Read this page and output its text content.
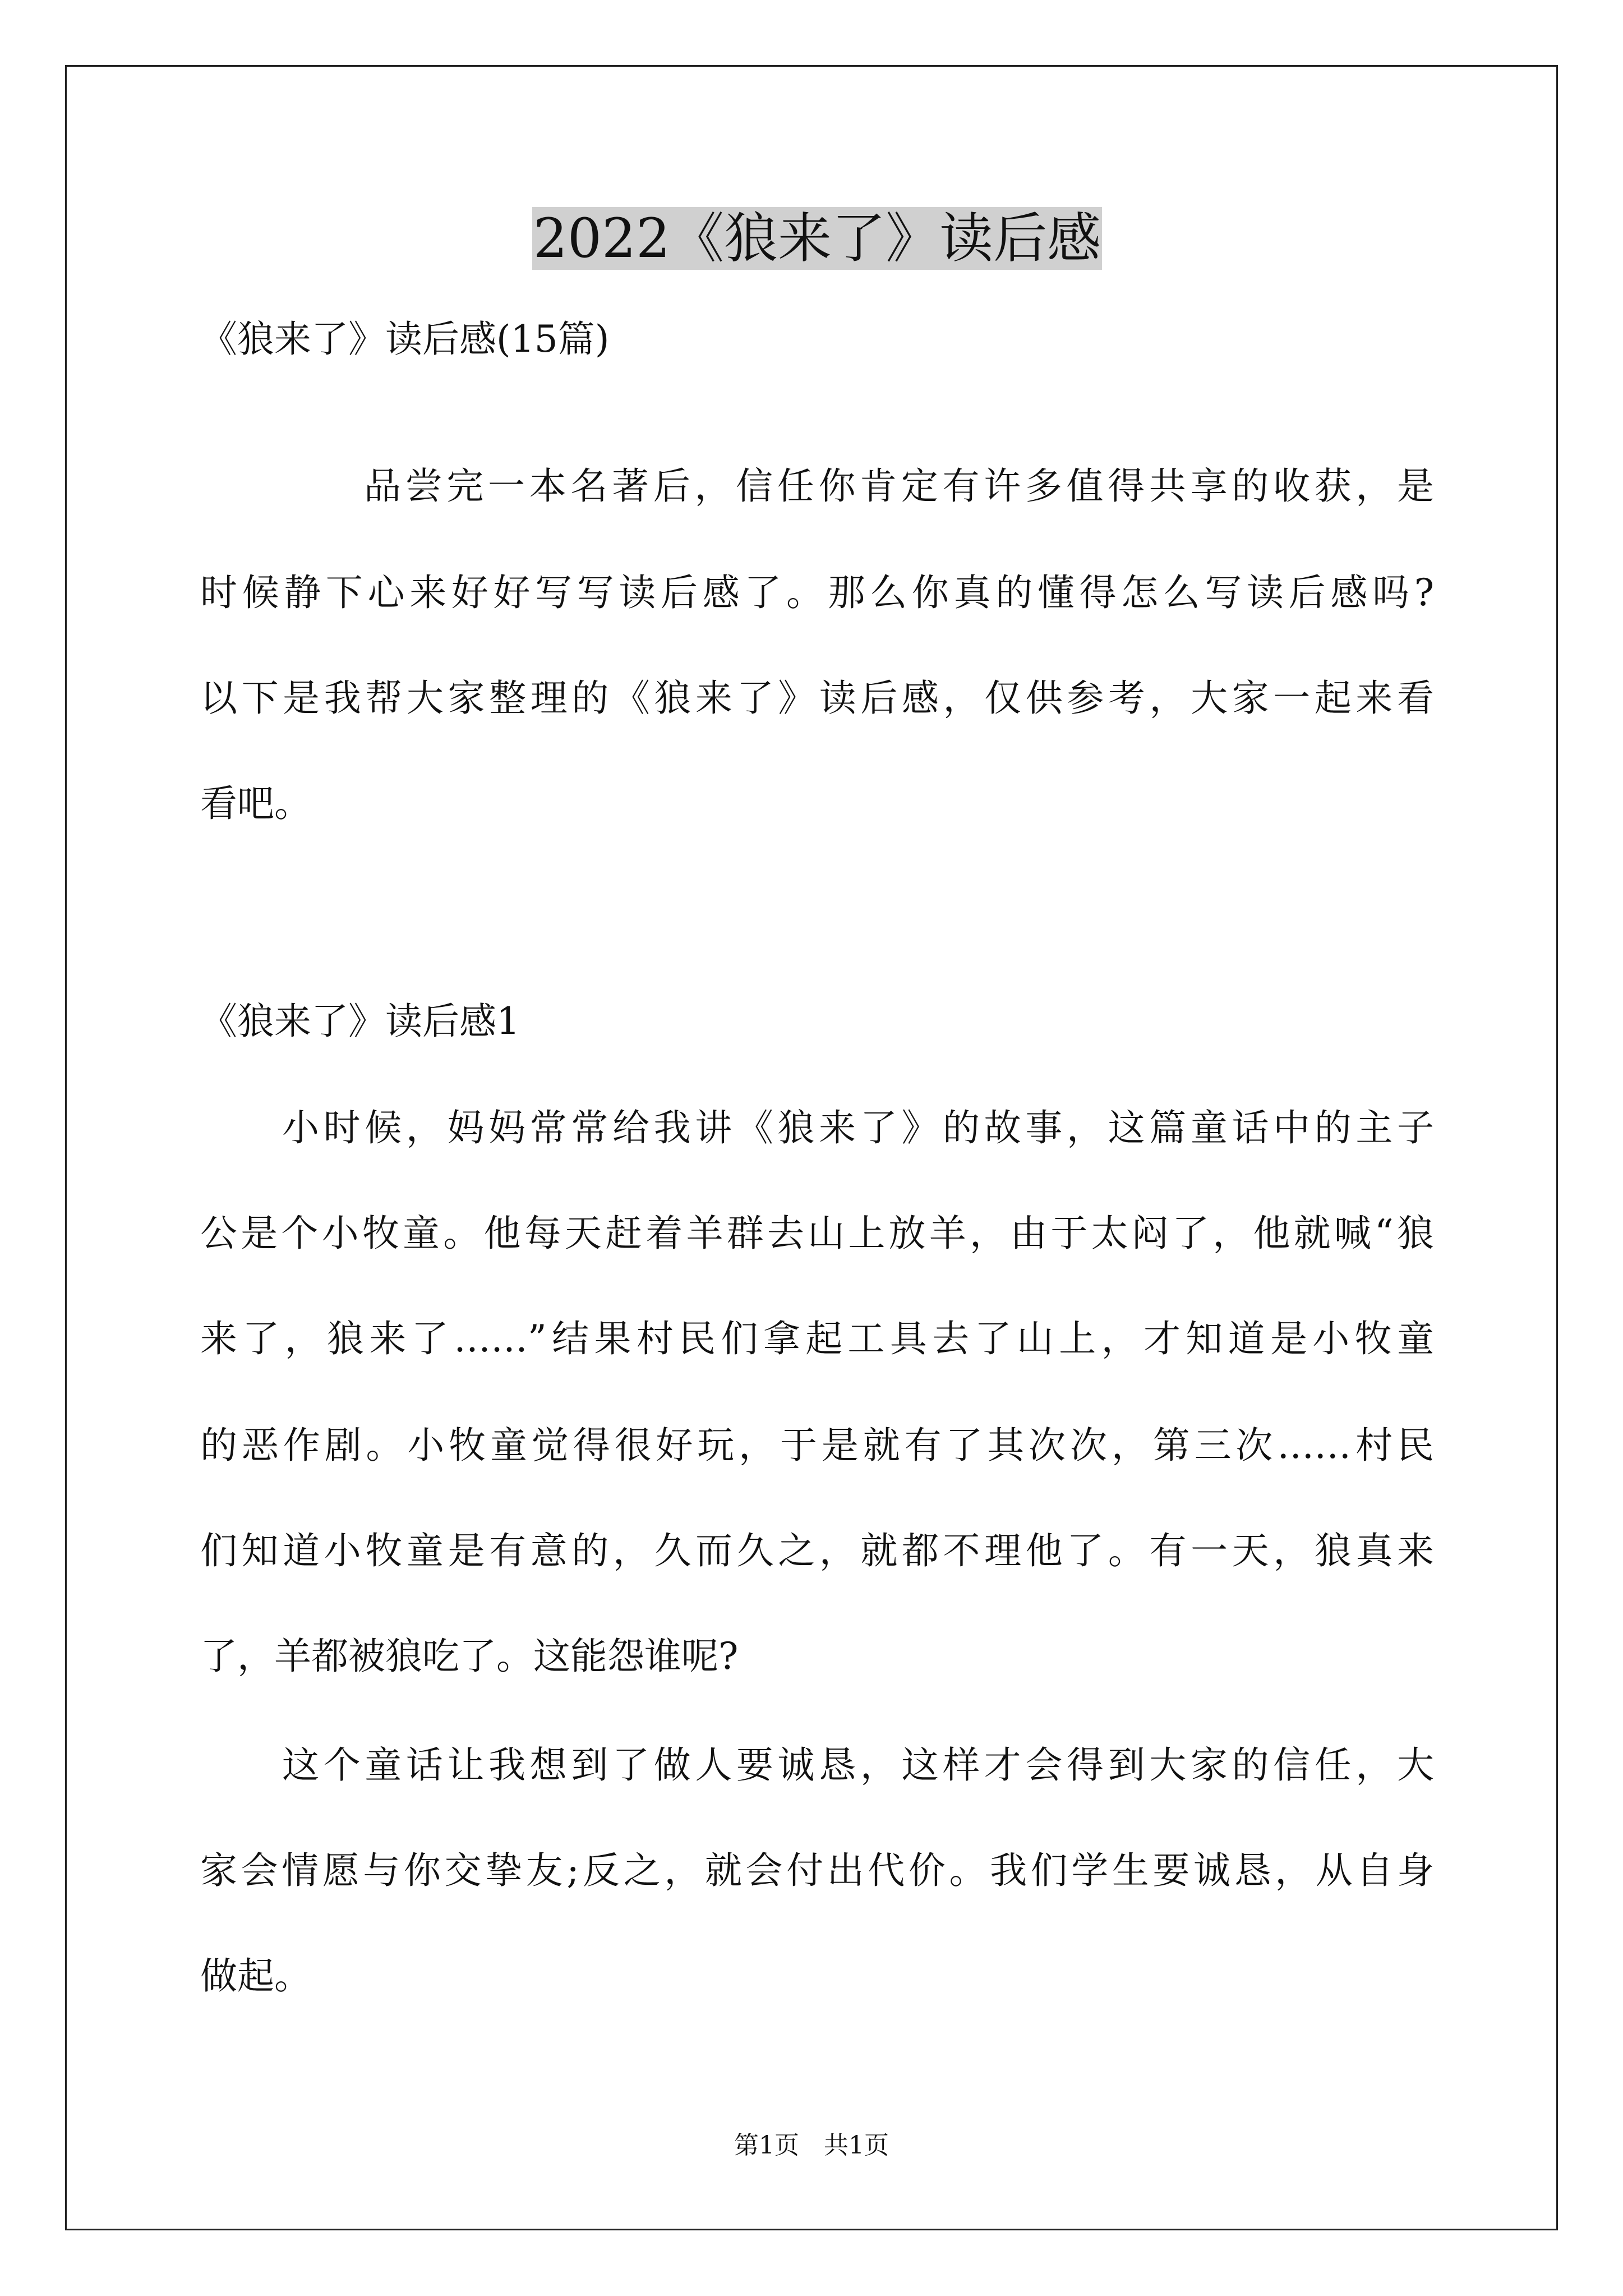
2022《狼来了》读后感

《狼来了》读后感(15篇)

品尝完一本名著后，信任你肯定有许多值得共享的收获，是

时候静下心来好好写写读后感了。那么你真的懂得怎么写读后感吗?

以下是我帮大家整理的《狼来了》读后感，仅供参考，大家一起来看

看吧。

《狼来了》读后感1

小时候，妈妈常常给我讲《狼来了》的故事，这篇童话中的主子

公是个小牧童。他每天赶着羊群去山上放羊，由于太闷了，他就喊“狼

来了，狼来了……”结果村民们拿起工具去了山上，才知道是小牧童

的恶作剧。小牧童觉得很好玩，于是就有了其次次，第三次……村民

们知道小牧童是有意的，久而久之，就都不理他了。有一天，狼真来

了，羊都被狼吃了。这能怨谁呢?

这个童话让我想到了做人要诚恳，这样才会得到大家的信任，大

家会情愿与你交挚友;反之，就会付出代价。我们学生要诚恳，从自身

做起。

第1页　共1页
